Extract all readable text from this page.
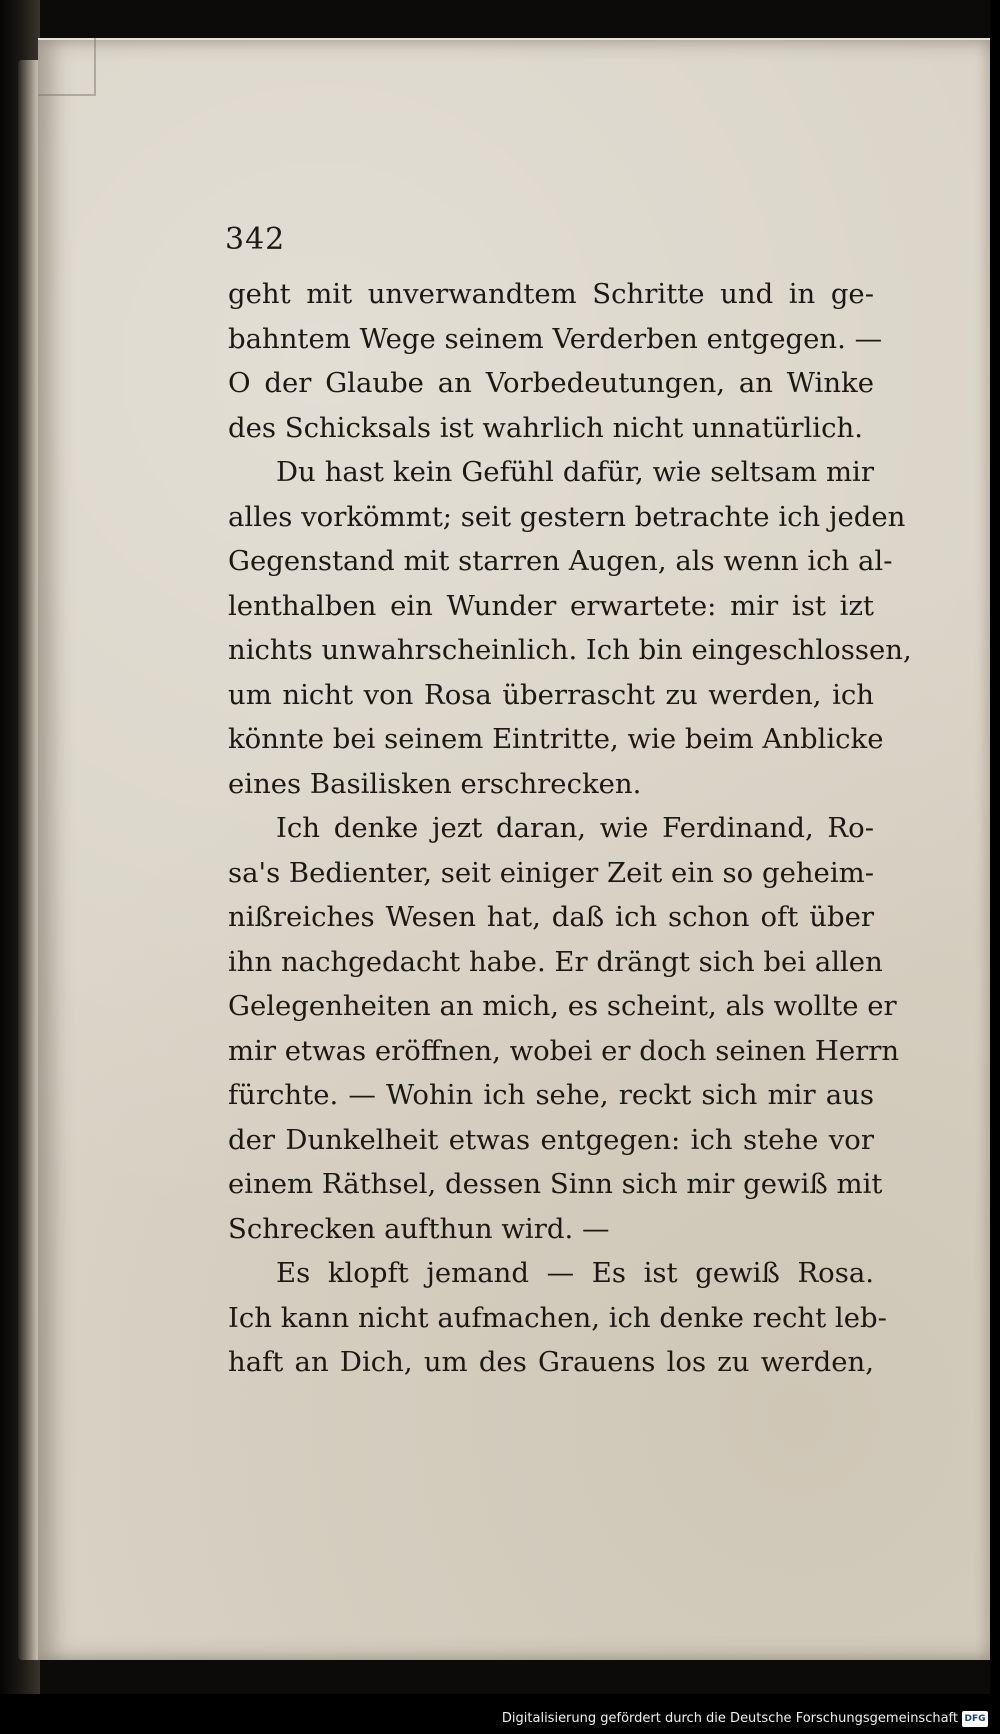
342
geht mit unverwandtem Schritte und in ge-
bahntem Wege seinem Verderben entgegen. —
O der Glaube an Vorbedeutungen, an Winke
des Schicksals ist wahrlich nicht unnatürlich.
Du hast kein Gefühl dafür, wie seltsam mir
alles vorkömmt; seit gestern betrachte ich jeden
Gegenstand mit starren Augen, als wenn ich al-
lenthalben ein Wunder erwartete: mir ist izt
nichts unwahrscheinlich. Ich bin eingeschlossen,
um nicht von Rosa überrascht zu werden, ich
könnte bei seinem Eintritte, wie beim Anblicke
eines Basilisken erschrecken.
Ich denke jezt daran, wie Ferdinand, Ro-
sa's Bedienter, seit einiger Zeit ein so geheim-
nißreiches Wesen hat, daß ich schon oft über
ihn nachgedacht habe. Er drängt sich bei allen
Gelegenheiten an mich, es scheint, als wollte er
mir etwas eröffnen, wobei er doch seinen Herrn
fürchte. — Wohin ich sehe, reckt sich mir aus
der Dunkelheit etwas entgegen: ich stehe vor
einem Räthsel, dessen Sinn sich mir gewiß mit
Schrecken aufthun wird. —
Es klopft jemand — Es ist gewiß Rosa.
Ich kann nicht aufmachen, ich denke recht leb-
haft an Dich, um des Grauens los zu werden,
Digitalisierung gefördert durch die Deutsche Forschungsgemeinschaft DFG
